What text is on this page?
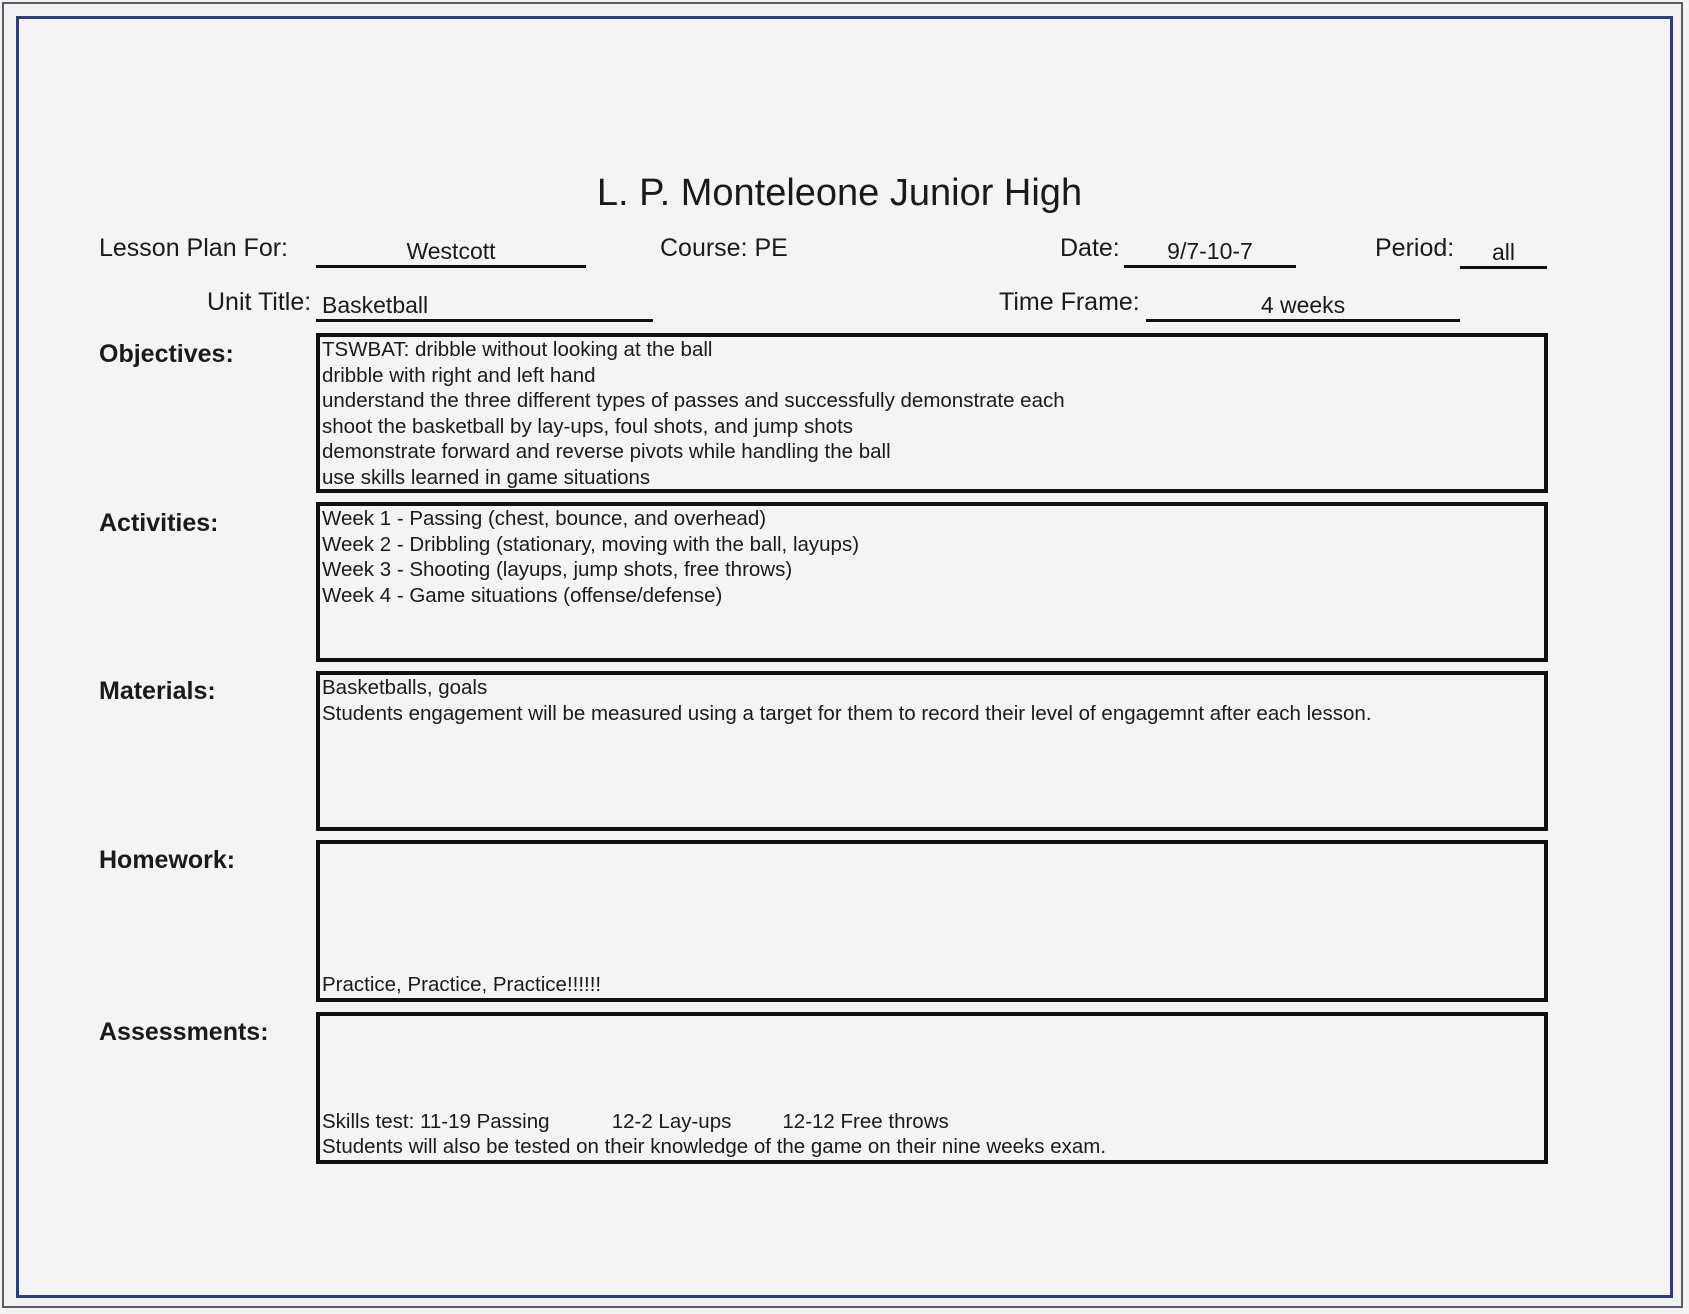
L. P. Monteleone Junior High
Lesson Plan For:	Westcott	Course: PE	Date:	9/7-10-7	Period:	all
Unit Title: Basketball	Time Frame:	4 weeks
Objectives:	TSWBAT: dribble without looking at the ball
dribble with right and left hand
understand the three different types of passes and successfully demonstrate each
shoot the basketball by lay-ups, foul shots, and jump shots
demonstrate forward and reverse pivots while handling the ball
use skills learned in game situations
Activities:	Week 1 - Passing (chest, bounce, and overhead)
Week 2 - Dribbling (stationary, moving with the ball, layups)
Week 3 - Shooting (layups, jump shots, free throws)
Week 4 - Game situations (offense/defense)
Materials:	Basketballs, goals
Students engagement will be measured using a target for them to record their level of engagemnt after each lesson.
Homework:
Practice, Practice, Practice!!!!!!
Assessments:
Skills test: 11-19 Passing	12-2 Lay-ups 12-12 Free throws
Students will also be tested on their knowledge of the game on their nine weeks exam.
